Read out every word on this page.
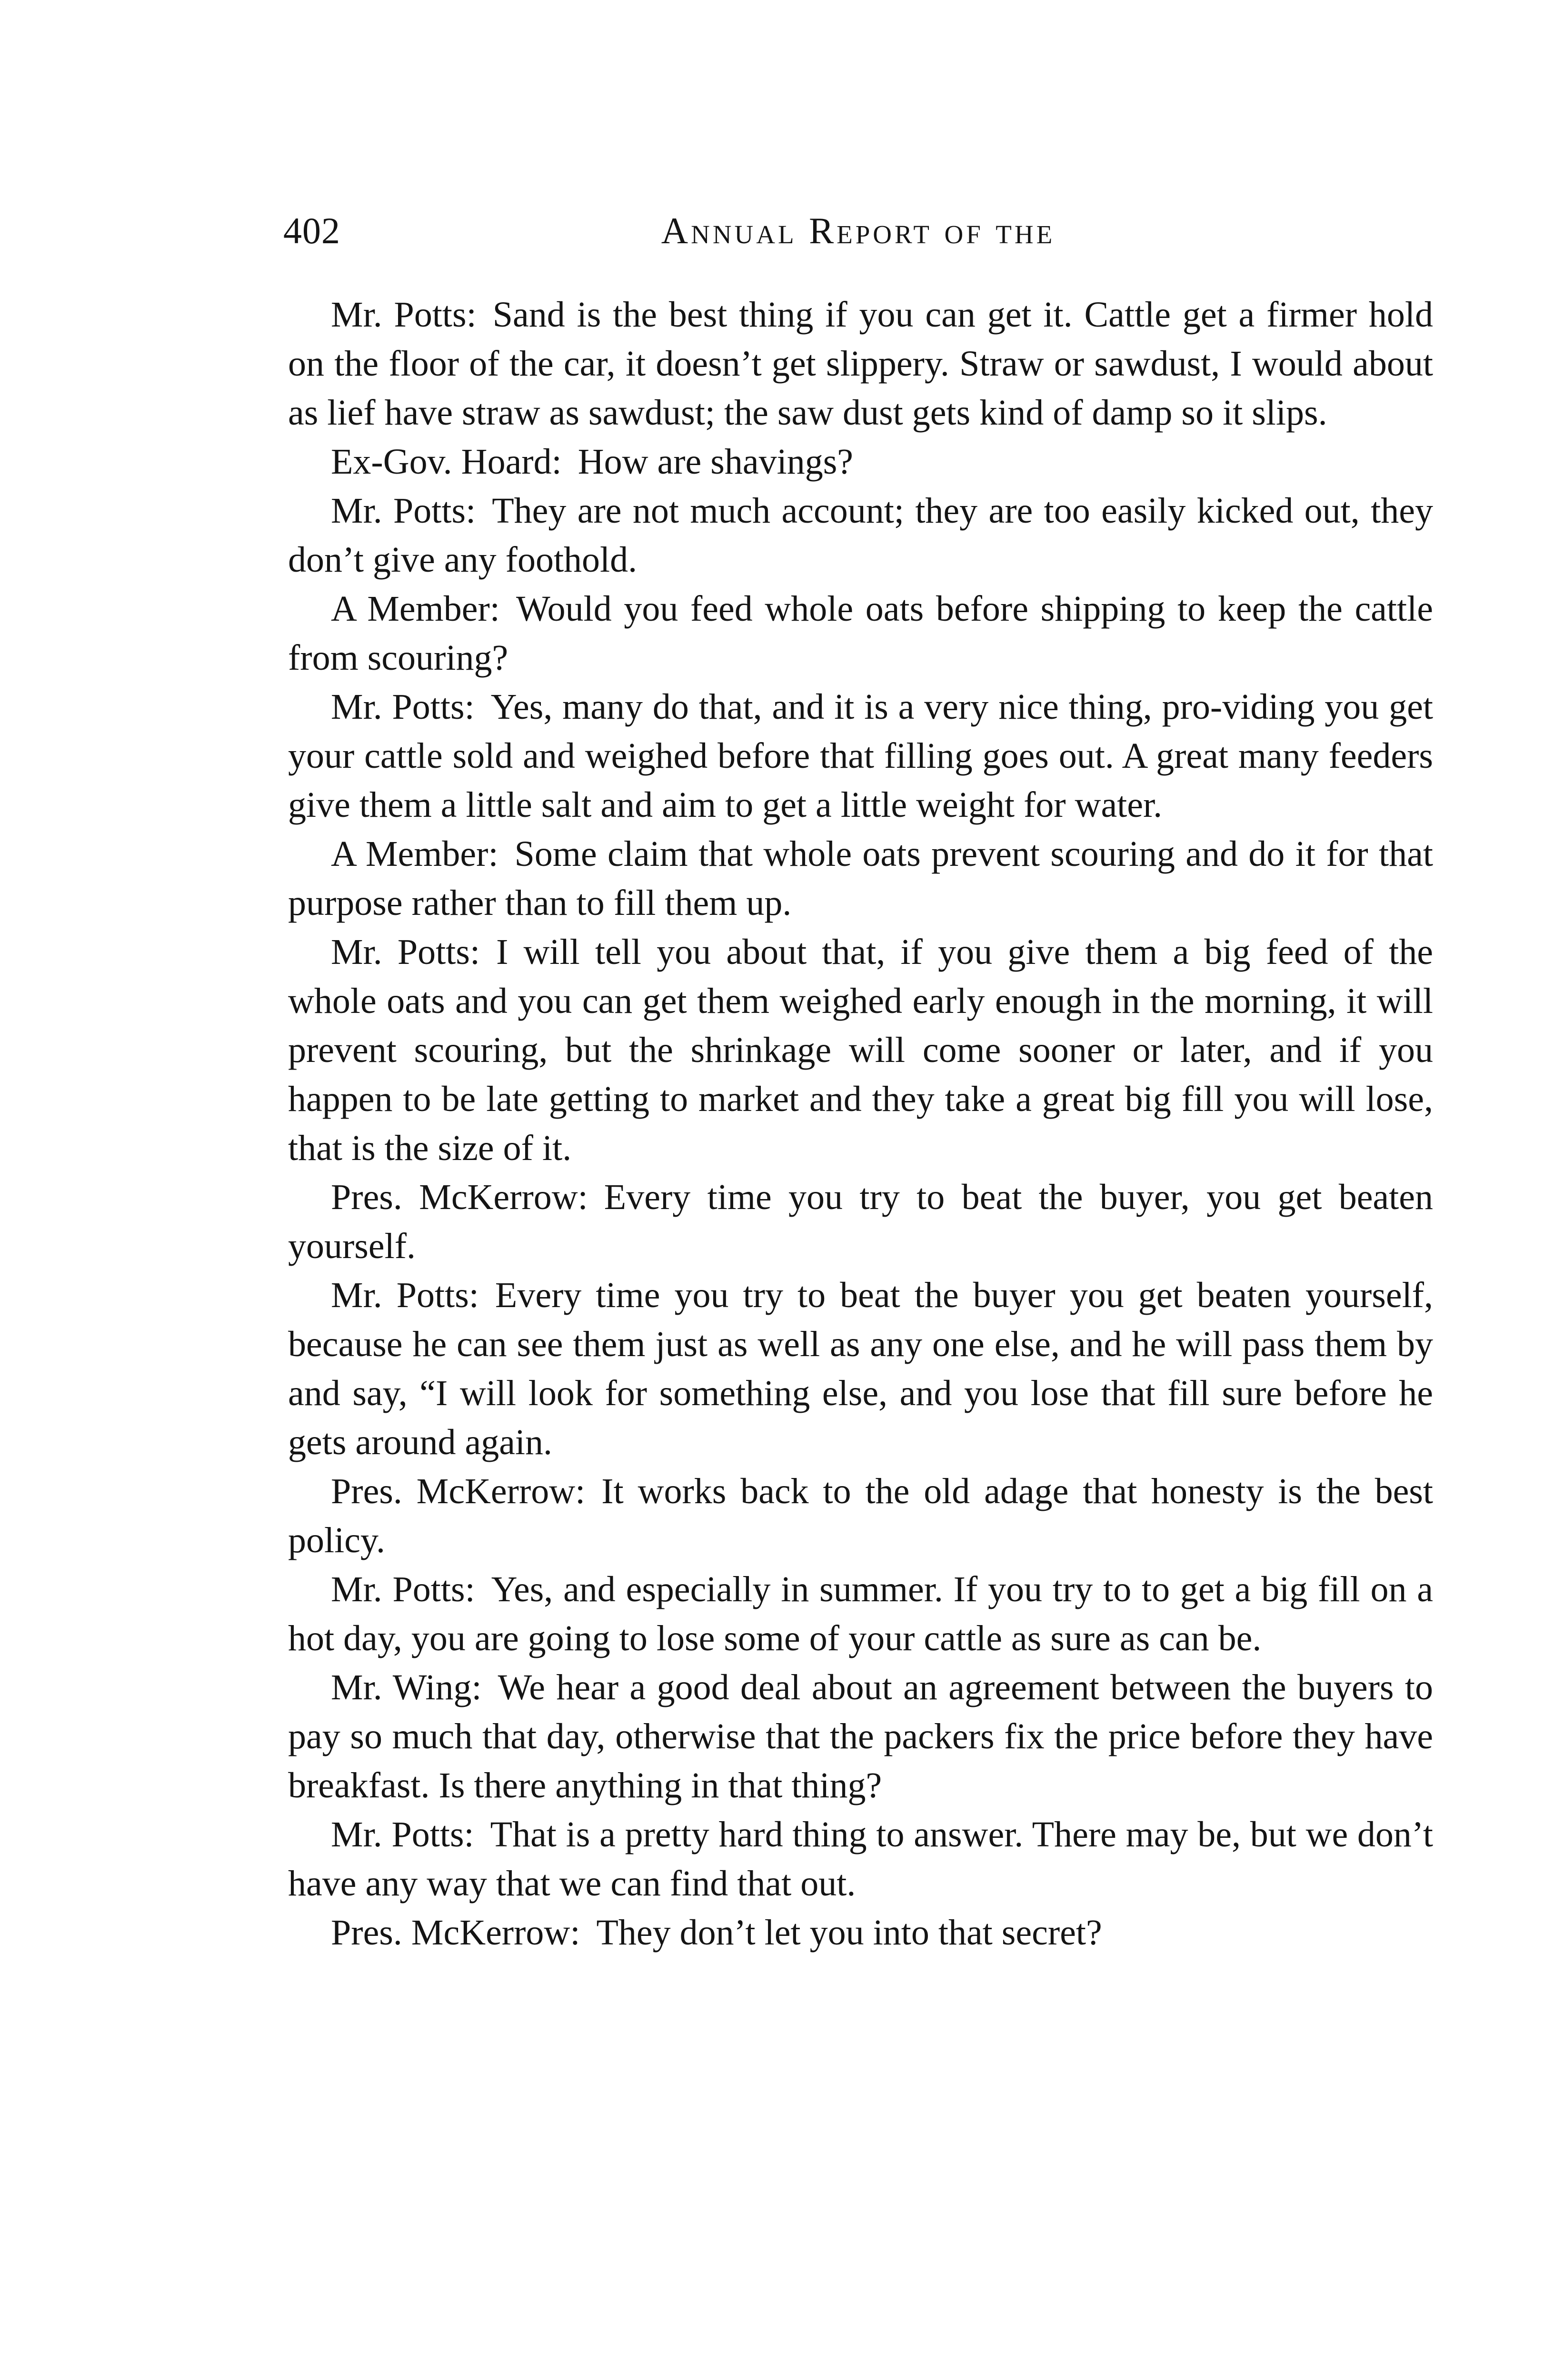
402	Annual Report of the

Mr. Potts: Sand is the best thing if you can get it. Cattle get a firmer hold on the floor of the car, it doesn’t get slippery. Straw or sawdust, I would about as lief have straw as sawdust; the saw dust gets kind of damp so it slips.

Ex-Gov. Hoard: How are shavings?

Mr. Potts: They are not much account; they are too easily kicked out, they don’t give any foothold.

A Member: Would you feed whole oats before shipping to keep the cattle from scouring?

Mr. Potts: Yes, many do that, and it is a very nice thing, pro-viding you get your cattle sold and weighed before that filling goes out. A great many feeders give them a little salt and aim to get a little weight for water.

A Member: Some claim that whole oats prevent scouring and do it for that purpose rather than to fill them up.

Mr. Potts: I will tell you about that, if you give them a big feed of the whole oats and you can get them weighed early enough in the morning, it will prevent scouring, but the shrinkage will come sooner or later, and if you happen to be late getting to market and they take a great big fill you will lose, that is the size of it.

Pres. McKerrow: Every time you try to beat the buyer, you get beaten yourself.

Mr. Potts: Every time you try to beat the buyer you get beaten yourself, because he can see them just as well as any one else, and he will pass them by and say, “I will look for something else, and you lose that fill sure before he gets around again.

Pres. McKerrow: It works back to the old adage that honesty is the best policy.

Mr. Potts: Yes, and especially in summer. If you try to to get a big fill on a hot day, you are going to lose some of your cattle as sure as can be.

Mr. Wing: We hear a good deal about an agreement between the buyers to pay so much that day, otherwise that the packers fix the price before they have breakfast. Is there anything in that thing?

Mr. Potts: That is a pretty hard thing to answer. There may be, but we don’t have any way that we can find that out.

Pres. McKerrow: They don’t let you into that secret?
